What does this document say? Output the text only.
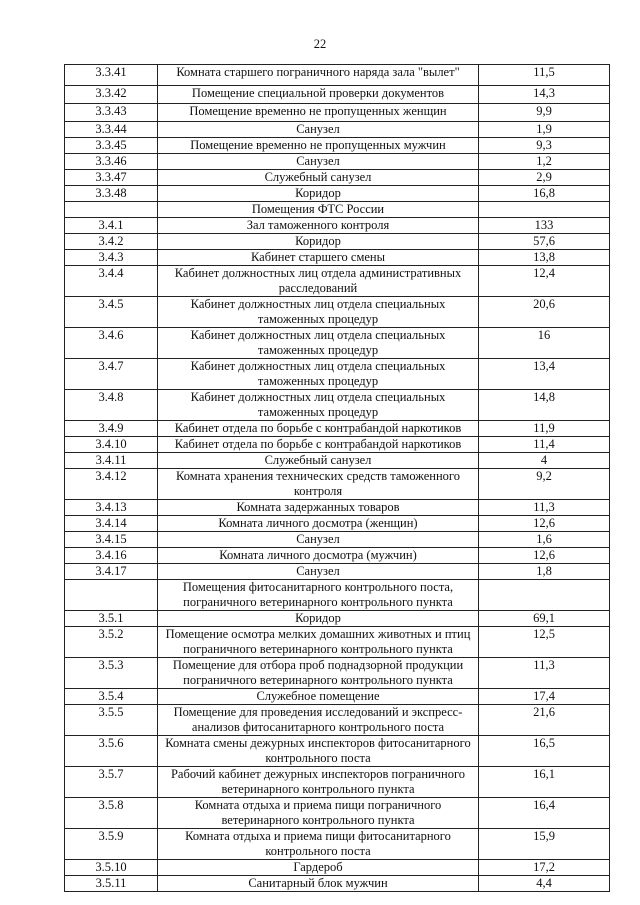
22
3.3.41	Комната старшего пограничного наряда зала "вылет"	11,5
3.3.42	Помещение специальной проверки документов	14,3
3.3.43	Помещение временно не пропущенных женщин	9,9
3.3.44	Санузел	1,9
3.3.45	Помещение временно не пропущенных мужчин	9,3
3.3.46	Санузел	1,2
3.3.47	Служебный санузел	2,9
3.3.48	Коридор	16,8
	Помещения ФТС России	
3.4.1	Зал таможенного контроля	133
3.4.2	Коридор	57,6
3.4.3	Кабинет старшего смены	13,8
3.4.4	Кабинет должностных лиц отдела административных расследований	12,4
3.4.5	Кабинет должностных лиц отдела специальных таможенных процедур	20,6
3.4.6	Кабинет должностных лиц отдела специальных таможенных процедур	16
3.4.7	Кабинет должностных лиц отдела специальных таможенных процедур	13,4
3.4.8	Кабинет должностных лиц отдела специальных таможенных процедур	14,8
3.4.9	Кабинет отдела по борьбе с контрабандой наркотиков	11,9
3.4.10	Кабинет отдела по борьбе с контрабандой наркотиков	11,4
3.4.11	Служебный санузел	4
3.4.12	Комната хранения технических средств таможенного контроля	9,2
3.4.13	Комната задержанных товаров	11,3
3.4.14	Комната личного досмотра (женщин)	12,6
3.4.15	Санузел	1,6
3.4.16	Комната личного досмотра (мужчин)	12,6
3.4.17	Санузел	1,8
	Помещения фитосанитарного контрольного поста, пограничного ветеринарного контрольного пункта	
3.5.1	Коридор	69,1
3.5.2	Помещение осмотра мелких домашних животных и птиц пограничного ветеринарного контрольного пункта	12,5
3.5.3	Помещение для отбора проб поднадзорной продукции пограничного ветеринарного контрольного пункта	11,3
3.5.4	Служебное помещение	17,4
3.5.5	Помещение для проведения исследований и экспресс-анализов фитосанитарного контрольного поста	21,6
3.5.6	Комната смены дежурных инспекторов фитосанитарного контрольного поста	16,5
3.5.7	Рабочий кабинет дежурных инспекторов пограничного ветеринарного контрольного пункта	16,1
3.5.8	Комната отдыха и приема пищи пограничного ветеринарного контрольного пункта	16,4
3.5.9	Комната отдыха и приема пищи фитосанитарного контрольного поста	15,9
3.5.10	Гардероб	17,2
3.5.11	Санитарный блок мужчин	4,4
